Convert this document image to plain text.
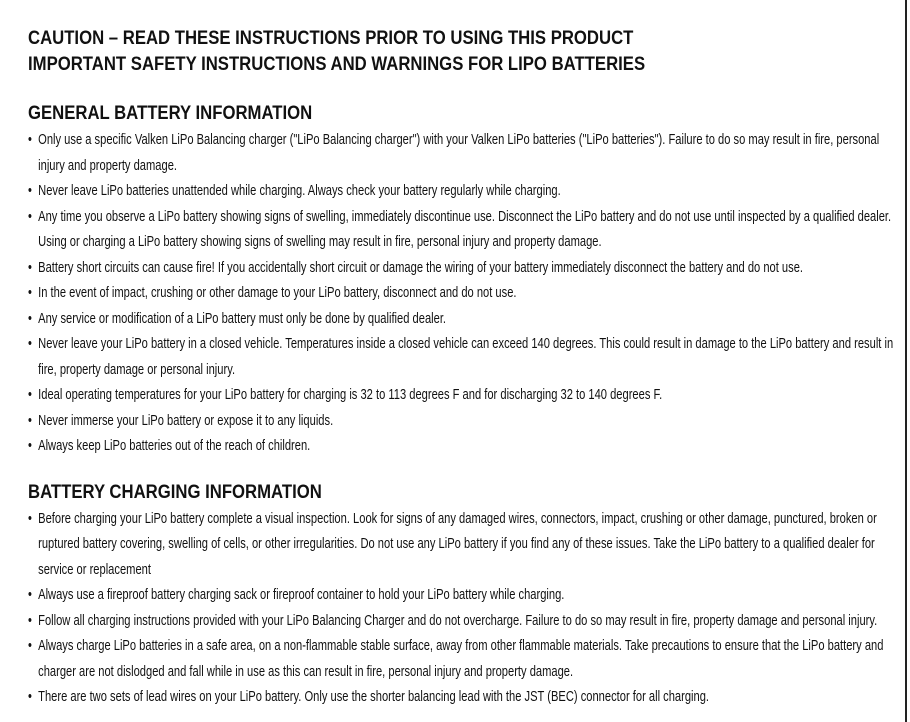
CAUTION – READ THESE INSTRUCTIONS PRIOR TO USING THIS PRODUCT
IMPORTANT SAFETY INSTRUCTIONS AND WARNINGS FOR LIPO BATTERIES
GENERAL BATTERY INFORMATION
• Only use a specific Valken LiPo Balancing charger ("LiPo Balancing charger") with your Valken LiPo batteries ("LiPo batteries"). Failure to do so may result in fire, personal injury and property damage.
• Never leave LiPo batteries unattended while charging. Always check your battery regularly while charging.
• Any time you observe a LiPo battery showing signs of swelling, immediately discontinue use. Disconnect the LiPo battery and do not use until inspected by a qualified dealer. Using or charging a LiPo battery showing signs of swelling may result in fire, personal injury and property damage.
• Battery short circuits can cause fire! If you accidentally short circuit or damage the wiring of your battery immediately disconnect the battery and do not use.
• In the event of impact, crushing or other damage to your LiPo battery, disconnect and do not use.
• Any service or modification of a LiPo battery must only be done by qualified dealer.
• Never leave your LiPo battery in a closed vehicle. Temperatures inside a closed vehicle can exceed 140 degrees. This could result in damage to the LiPo battery and result in fire, property damage or personal injury.
• Ideal operating temperatures for your LiPo battery for charging is 32 to 113 degrees F and for discharging 32 to 140 degrees F.
• Never immerse your LiPo battery or expose it to any liquids.
• Always keep LiPo batteries out of the reach of children.
BATTERY CHARGING INFORMATION
• Before charging your LiPo battery complete a visual inspection. Look for signs of any damaged wires, connectors, impact, crushing or other damage, punctured, broken or ruptured battery covering, swelling of cells, or other irregularities. Do not use any LiPo battery if you find any of these issues. Take the LiPo battery to a qualified dealer for service or replacement
• Always use a fireproof battery charging sack or fireproof container to hold your LiPo battery while charging.
• Follow all charging instructions provided with your LiPo Balancing Charger and do not overcharge. Failure to do so may result in fire, property damage and personal injury.
• Always charge LiPo batteries in a safe area, on a non-flammable stable surface, away from other flammable materials. Take precautions to ensure that the LiPo battery and charger are not dislodged and fall while in use as this can result in fire, personal injury and property damage.
• There are two sets of lead wires on your LiPo battery. Only use the shorter balancing lead with the JST (BEC) connector for all charging.
